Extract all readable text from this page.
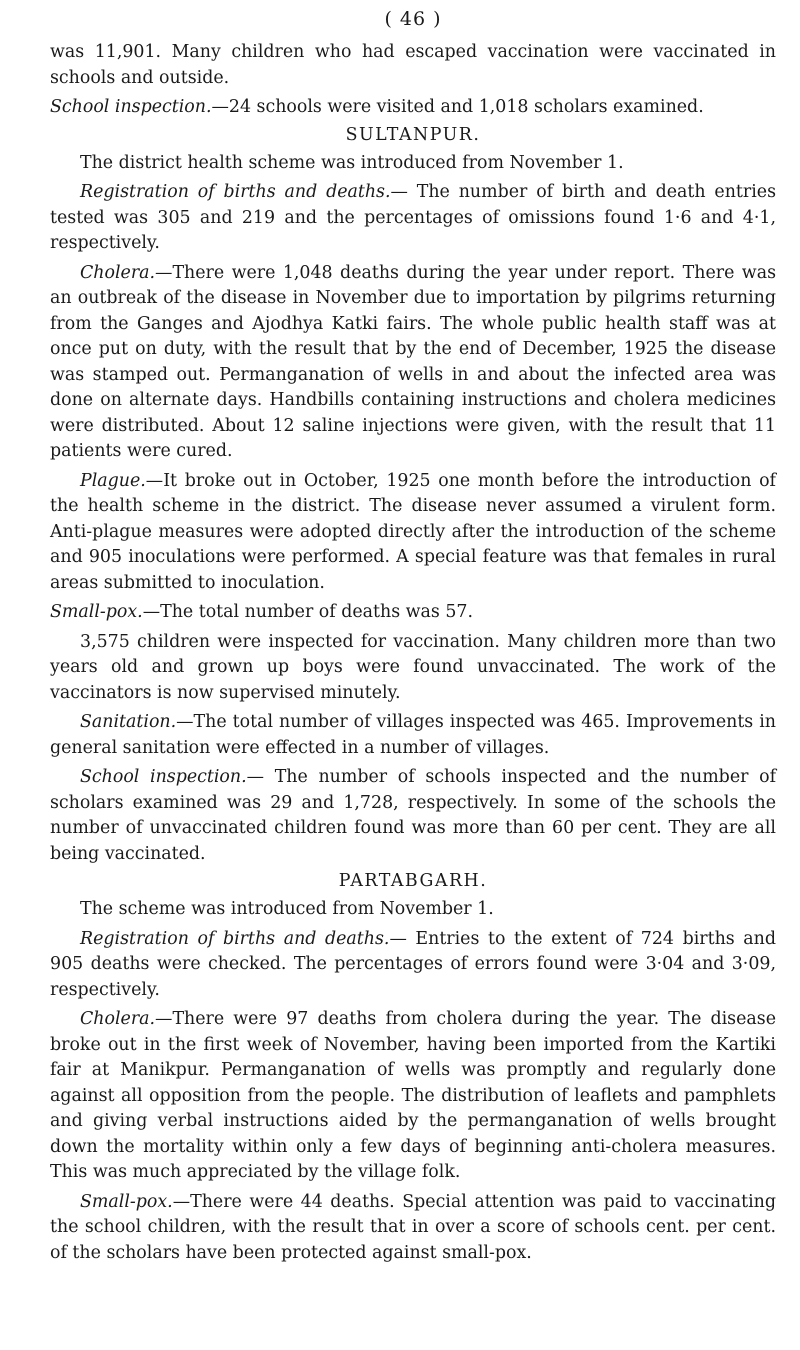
( 46 )

was 11,901. Many children who had escaped vaccination were vaccinated in schools and outside.

School inspection.—24 schools were visited and 1,018 scholars examined.

SULTANPUR.

The district health scheme was introduced from November 1.

Registration of births and deaths.— The number of birth and death entries tested was 305 and 219 and the percentages of omissions found 1·6 and 4·1, respectively.

Cholera.—There were 1,048 deaths during the year under report. There was an outbreak of the disease in November due to importation by pilgrims returning from the Ganges and Ajodhya Katki fairs. The whole public health staff was at once put on duty, with the result that by the end of December, 1925 the disease was stamped out. Permanganation of wells in and about the infected area was done on alternate days. Handbills containing instructions and cholera medicines were distributed. About 12 saline injections were given, with the result that 11 patients were cured.

Plague.—It broke out in October, 1925 one month before the introduction of the health scheme in the district. The disease never assumed a virulent form. Anti-plague measures were adopted directly after the introduction of the scheme and 905 inoculations were performed. A special feature was that females in rural areas submitted to inoculation.

Small-pox.—The total number of deaths was 57.

3,575 children were inspected for vaccination. Many children more than two years old and grown up boys were found unvaccinated. The work of the vaccinators is now supervised minutely.

Sanitation.—The total number of villages inspected was 465. Improvements in general sanitation were effected in a number of villages.

School inspection.— The number of schools inspected and the number of scholars examined was 29 and 1,728, respectively. In some of the schools the number of unvaccinated children found was more than 60 per cent. They are all being vaccinated.

PARTABGARH.

The scheme was introduced from November 1.

Registration of births and deaths.— Entries to the extent of 724 births and 905 deaths were checked. The percentages of errors found were 3·04 and 3·09, respectively.

Cholera.—There were 97 deaths from cholera during the year. The disease broke out in the first week of November, having been imported from the Kartiki fair at Manikpur. Permanganation of wells was promptly and regularly done against all opposition from the people. The distribution of leaflets and pamphlets and giving verbal instructions aided by the permanganation of wells brought down the mortality within only a few days of beginning anti-cholera measures. This was much appreciated by the village folk.

Small-pox.—There were 44 deaths. Special attention was paid to vaccinating the school children, with the result that in over a score of schools cent. per cent. of the scholars have been protected against small-pox.
